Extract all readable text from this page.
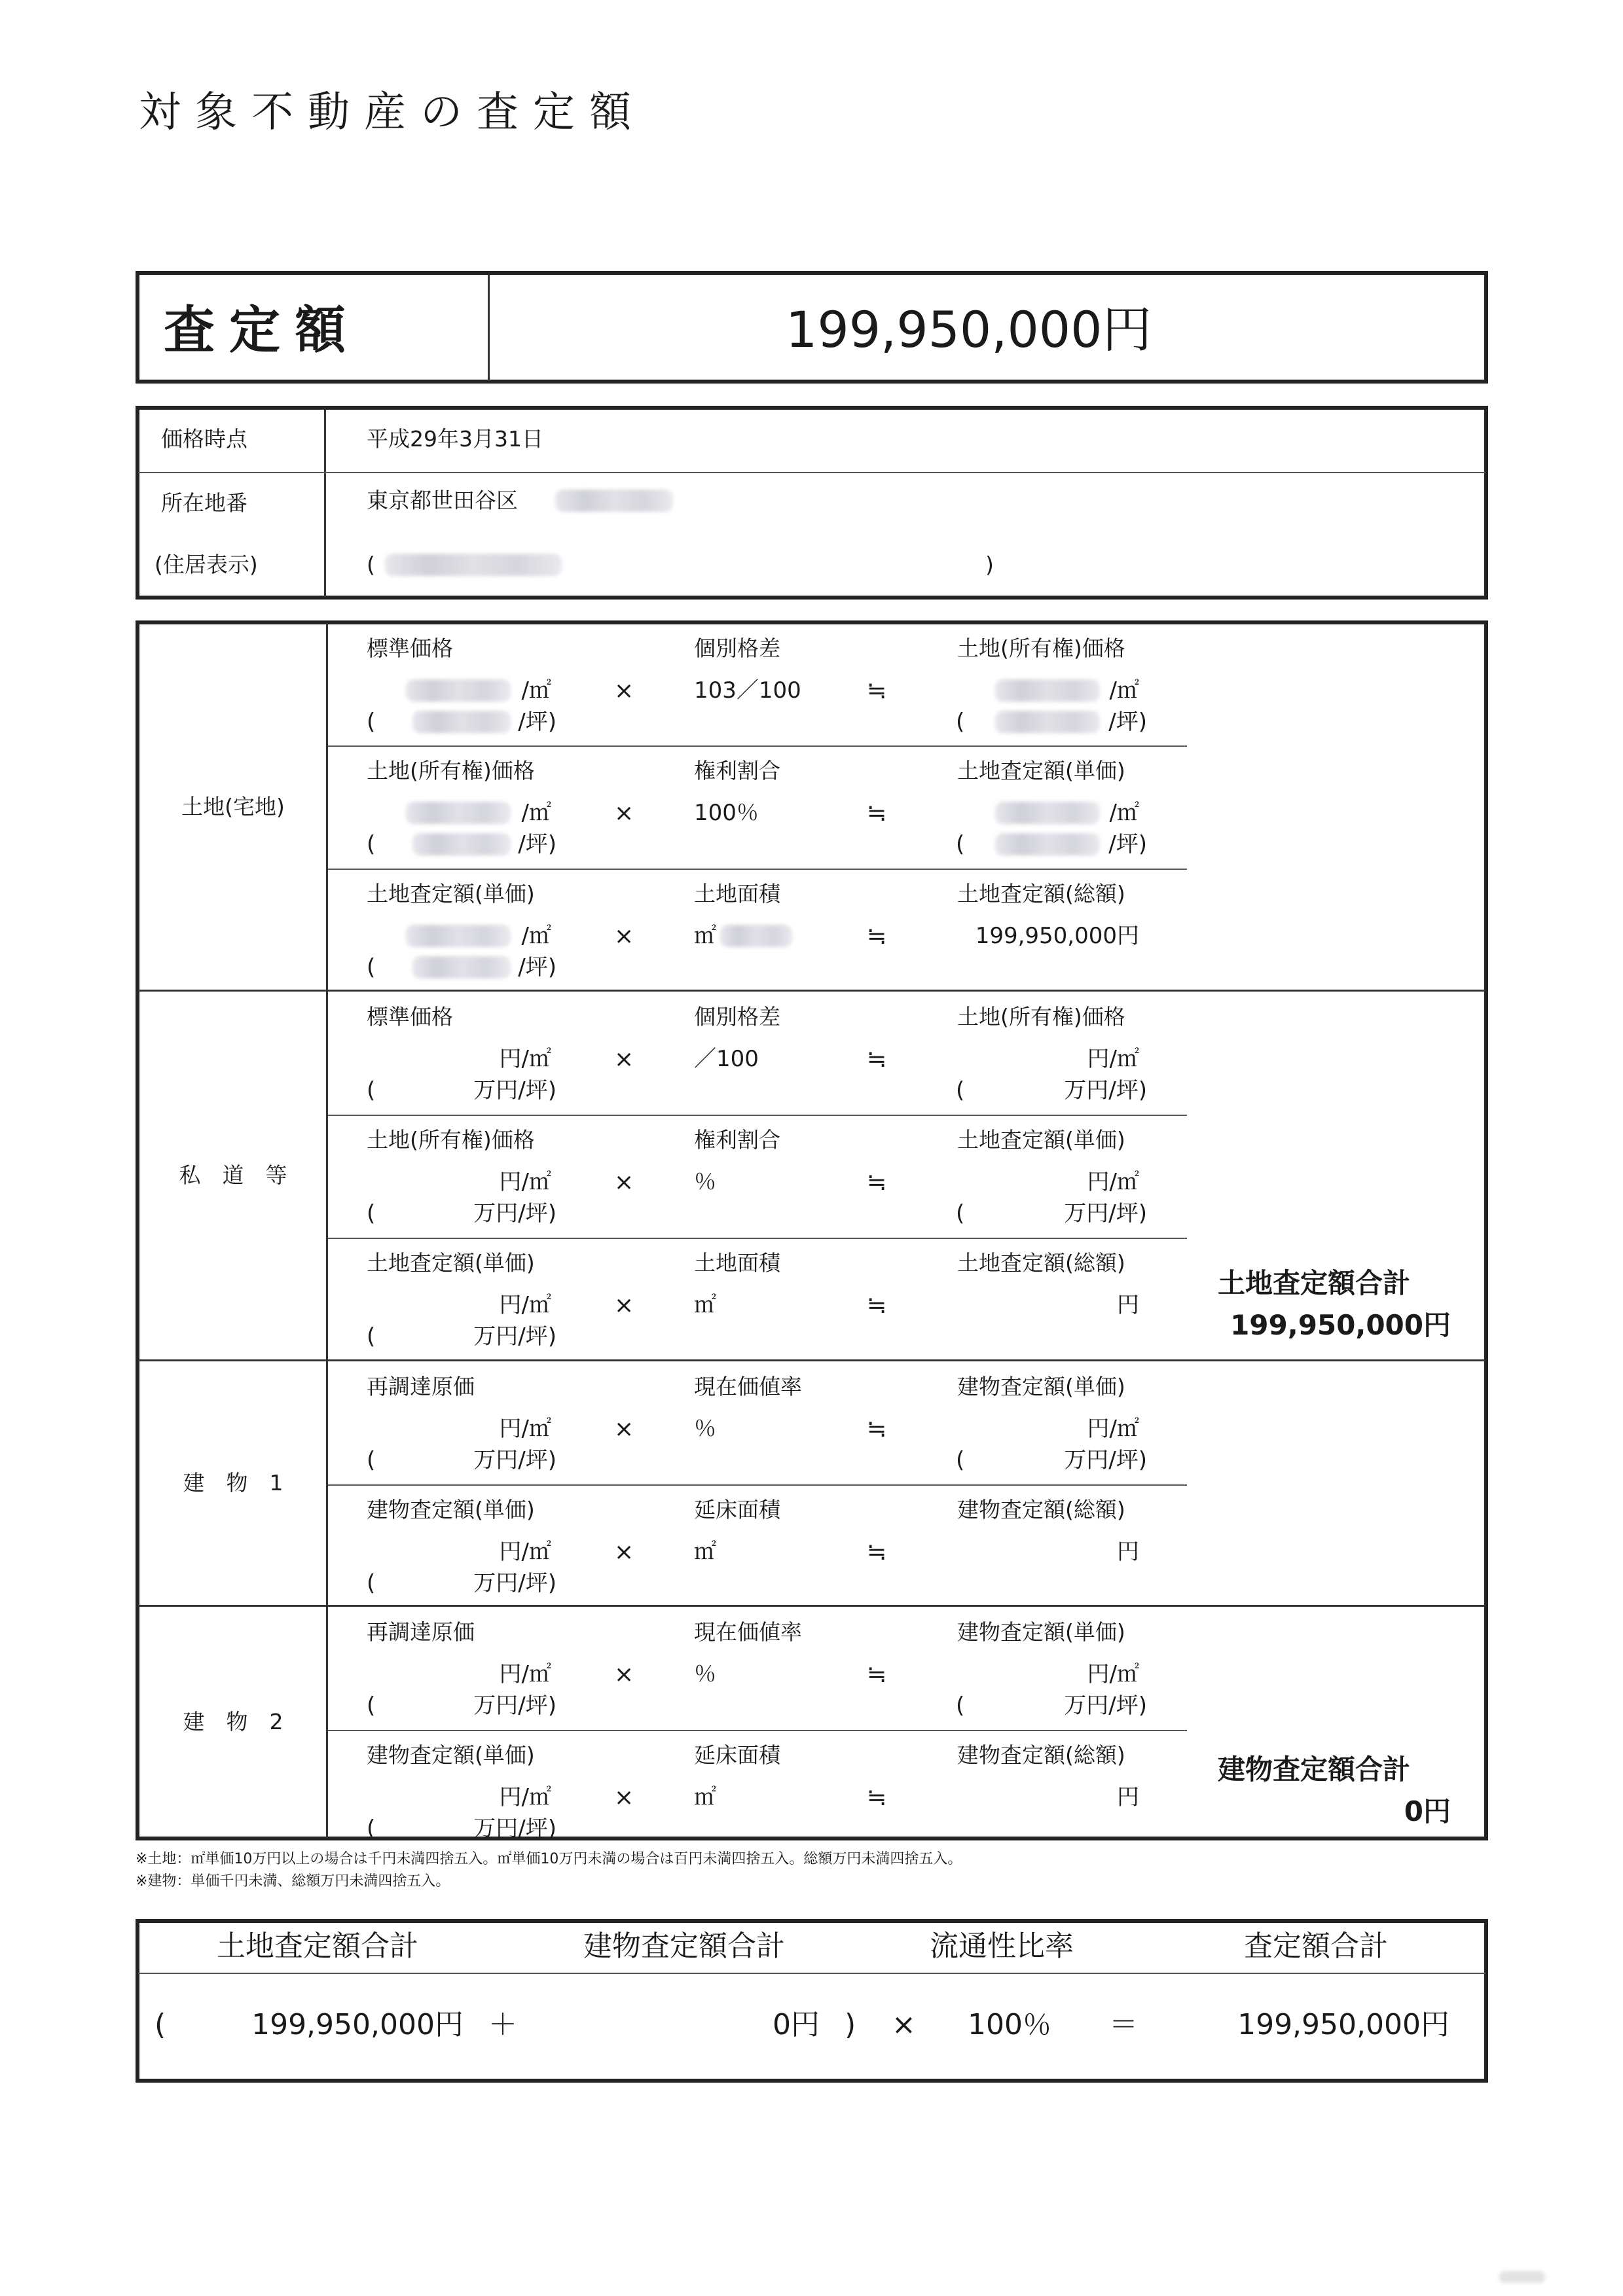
対象不動産の査定額
査定額	199,950,000円
価格時点	平成29年3月31日
所在地番	東京都世田谷区
(住居表示)	(	)
土地(宅地)
標準価格	個別格差	土地(所有権)価格
/㎡	×	103／100	≒	/㎡
(	/坪)	(	/坪)
土地(所有権)価格	権利割合	土地査定額(単価)
/㎡	×	100％	≒	/㎡
(	/坪)	(	/坪)
土地査定額(単価)	土地面積	土地査定額(総額)
/㎡	×	㎡	≒	199,950,000円
(	/坪)
私　道　等
標準価格	個別格差	土地(所有権)価格
円/㎡	×	／100	≒	円/㎡
(	万円/坪)	(	万円/坪)
土地(所有権)価格	権利割合	土地査定額(単価)
円/㎡	×	％	≒	円/㎡
(	万円/坪)	(	万円/坪)
土地査定額(単価)	土地面積	土地査定額(総額)
円/㎡	×	㎡	≒	円
(	万円/坪)
建　物　1
再調達原価	現在価値率	建物査定額(単価)
円/㎡	×	％	≒	円/㎡
(	万円/坪)	(	万円/坪)
建物査定額(単価)	延床面積	建物査定額(総額)
円/㎡	×	㎡	≒	円
(	万円/坪)
建　物　2
再調達原価	現在価値率	建物査定額(単価)
円/㎡	×	％	≒	円/㎡
(	万円/坪)	(	万円/坪)
建物査定額(単価)	延床面積	建物査定額(総額)
円/㎡	×	㎡	≒	円
(	万円/坪)
土地査定額合計
199,950,000円
建物査定額合計
0円
※土地：㎡単価10万円以上の場合は千円未満四捨五入。㎡単価10万円未満の場合は百円未満四捨五入。総額万円未満四捨五入。
※建物：単価千円未満、総額万円未満四捨五入。
土地査定額合計	建物査定額合計	流通性比率	査定額合計
(	199,950,000円 ＋	0円 ) × 100％ ＝	199,950,000円
